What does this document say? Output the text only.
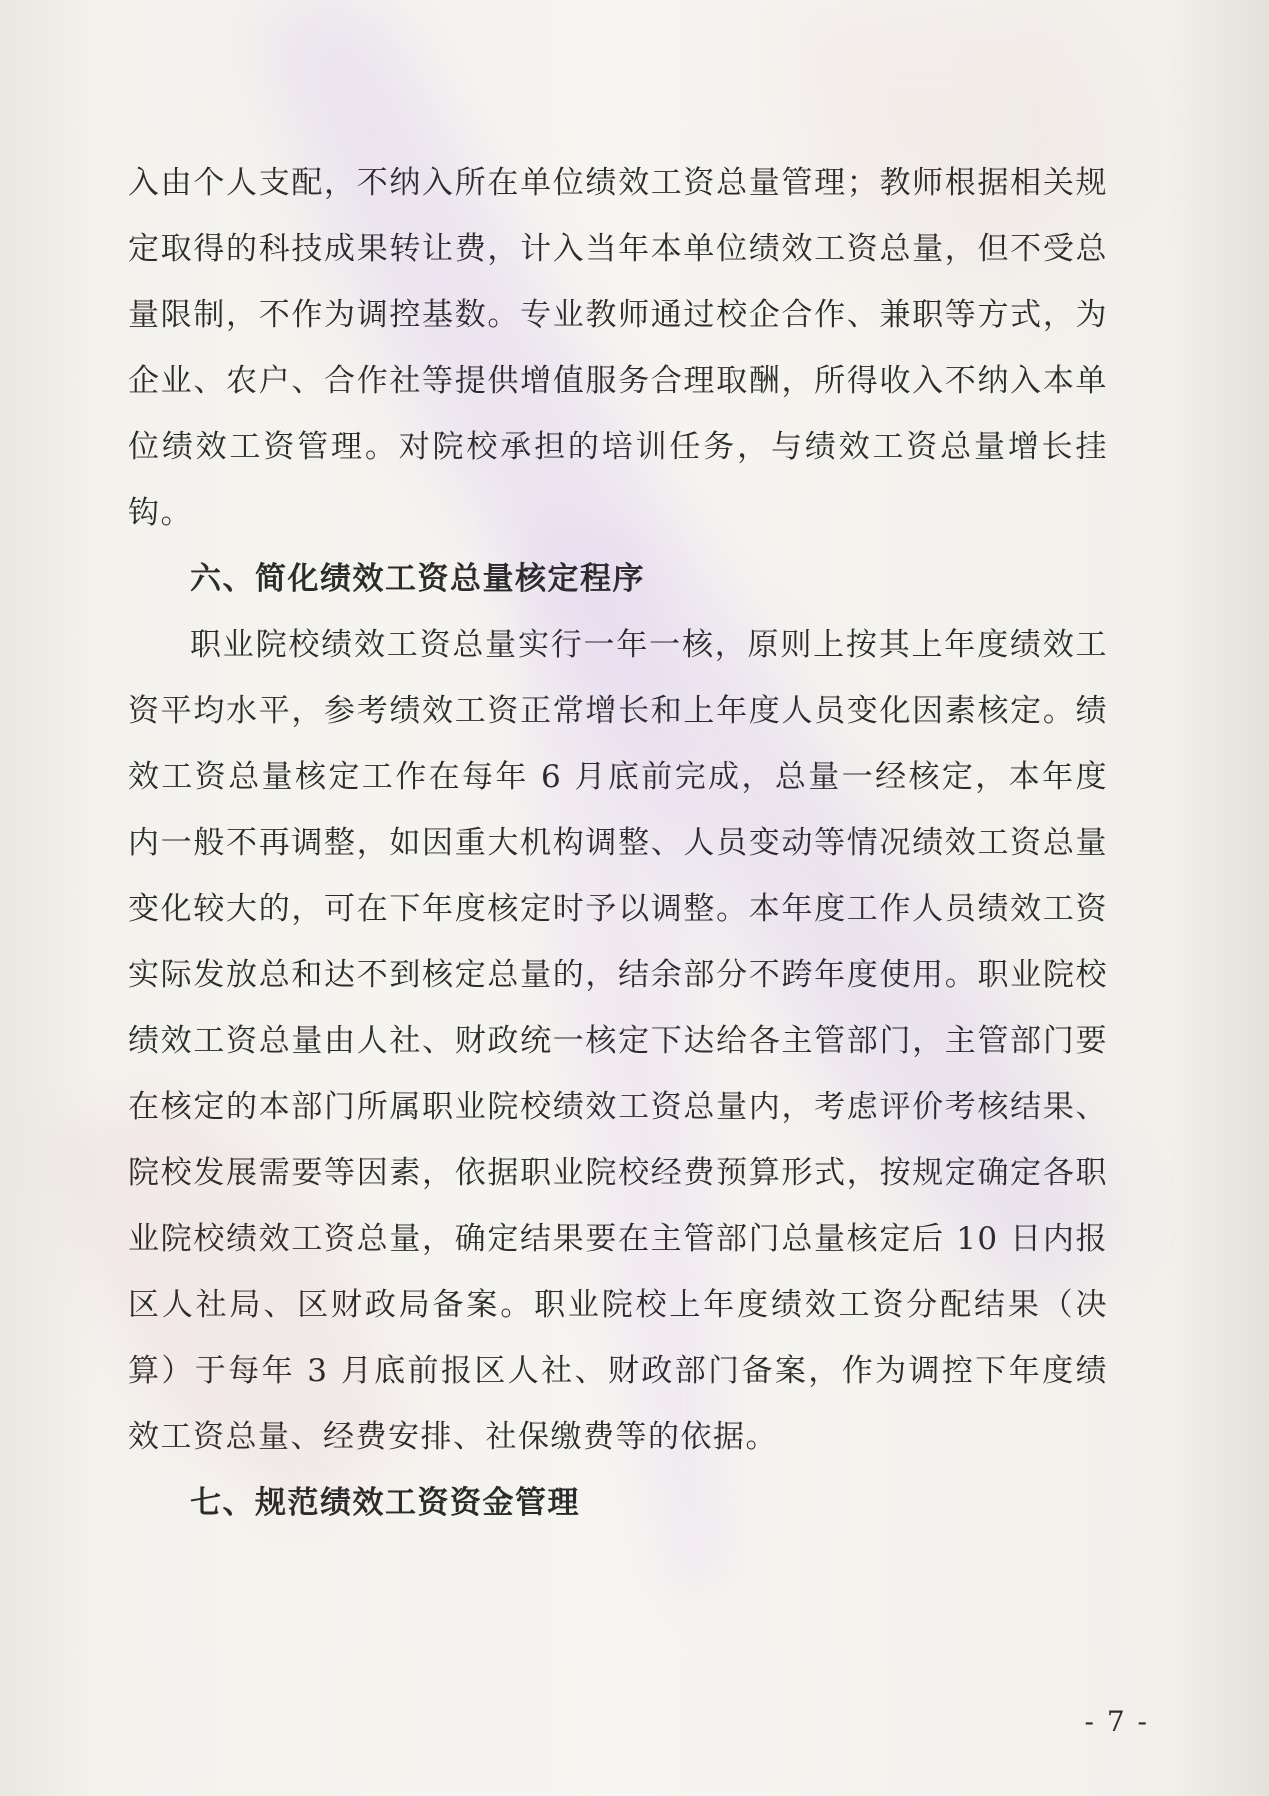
入由个人支配，不纳入所在单位绩效工资总量管理；教师根据相关规定取得的科技成果转让费，计入当年本单位绩效工资总量，但不受总量限制，不作为调控基数。专业教师通过校企合作、兼职等方式，为企业、农户、合作社等提供增值服务合理取酬，所得收入不纳入本单位绩效工资管理。对院校承担的培训任务，与绩效工资总量增长挂钩。

六、简化绩效工资总量核定程序

职业院校绩效工资总量实行一年一核，原则上按其上年度绩效工资平均水平，参考绩效工资正常增长和上年度人员变化因素核定。绩效工资总量核定工作在每年 6 月底前完成，总量一经核定，本年度内一般不再调整，如因重大机构调整、人员变动等情况绩效工资总量变化较大的，可在下年度核定时予以调整。本年度工作人员绩效工资实际发放总和达不到核定总量的，结余部分不跨年度使用。职业院校绩效工资总量由人社、财政统一核定下达给各主管部门，主管部门要在核定的本部门所属职业院校绩效工资总量内，考虑评价考核结果、院校发展需要等因素，依据职业院校经费预算形式，按规定确定各职业院校绩效工资总量，确定结果要在主管部门总量核定后 10 日内报区人社局、区财政局备案。职业院校上年度绩效工资分配结果（决算）于每年 3 月底前报区人社、财政部门备案，作为调控下年度绩效工资总量、经费安排、社保缴费等的依据。

七、规范绩效工资资金管理
- 7 -
